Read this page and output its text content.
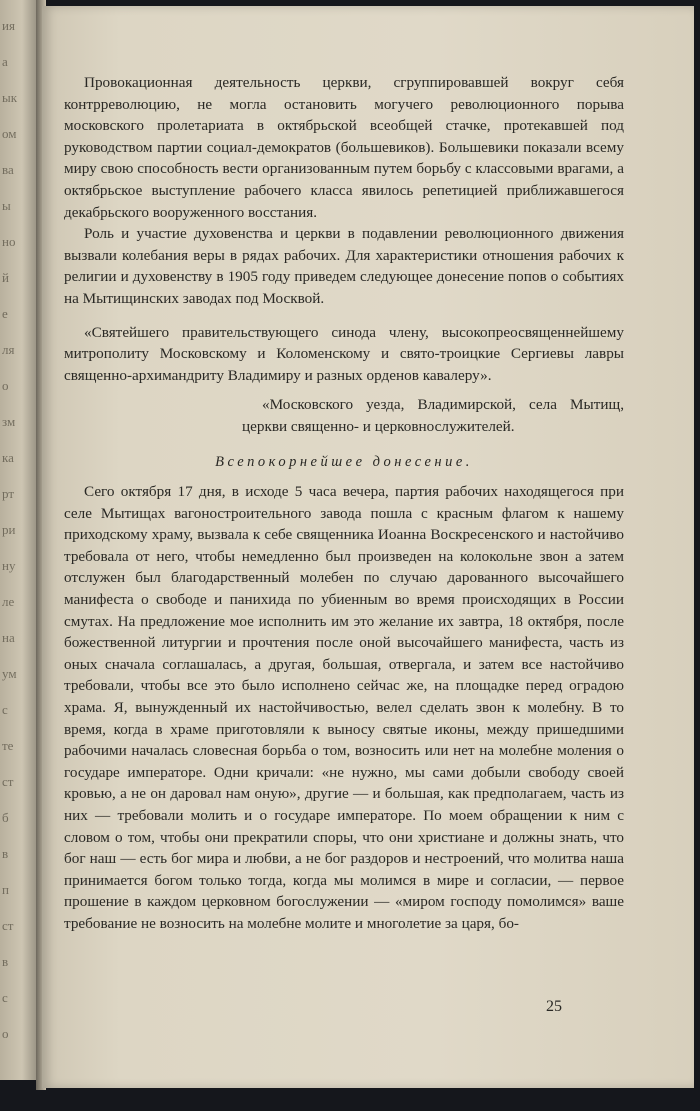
ия
а
ык
ом
ва
ы
но
й
е
ля
о
зм
ка
рт
ри
ну
ле
на
ум
с
те
ст
б
в
п
ст
в
с
о

Провокационная деятельность церкви, сгруппировавшей вокруг себя контрреволюцию, не могла остановить могучего революционного порыва московского пролетариата в октябрьской всеобщей стачке, протекавшей под руководством партии социал-демократов (большевиков). Большевики показали всему миру свою способность вести организованным путем борьбу с классовыми врагами, а октябрьское выступление рабочего класса явилось репетицией приближавшегося декабрьского вооруженного восстания.

Роль и участие духовенства и церкви в подавлении революционного движения вызвали колебания веры в рядах рабочих. Для характеристики отношения рабочих к религии и духовенству в 1905 году приведем следующее донесение попов о событиях на Мытищинских заводах под Москвой.

«Святейшего правительствующего синода члену, высокопреосвященнейшему митрополиту Московскому и Коломенскому и свято-троицкие Сергиевы лавры священно-архимандриту Владимиру и разных орденов кавалеру».

«Московского уезда, Владимирской, села Мытищ, церкви священно- и церковнослужителей.

Всепокорнейшее донесение.

Сего октября 17 дня, в исходе 5 часа вечера, партия рабочих находящегося при селе Мытищах вагоностроительного завода пошла с красным флагом к нашему приходскому храму, вызвала к себе священника Иоанна Воскресенского и настойчиво требовала от него, чтобы немедленно был произведен на колокольне звон а затем отслужен был благодарственный молебен по случаю дарованного высочайшего манифеста о свободе и панихида по убиенным во время происходящих в России смутах. На предложение мое исполнить им это желание их завтра, 18 октября, после божественной литургии и прочтения после оной высочайшего манифеста, часть из оных сначала соглашалась, а другая, большая, отвергала, и затем все настойчиво требовали, чтобы все это было исполнено сейчас же, на площадке перед оградою храма. Я, вынужденный их настойчивостью, велел сделать звон к молебну. В то время, когда в храме приготовляли к выносу святые иконы, между пришедшими рабочими началась словесная борьба о том, возносить или нет на молебне моления о государе императоре. Одни кричали: «не нужно, мы сами добыли свободу своей кровью, а не он даровал нам оную», другие — и большая, как предполагаем, часть из них — требовали молить и о государе императоре. По моем обращении к ним с словом о том, чтобы они прекратили споры, что они христиане и должны знать, что бог наш — есть бог мира и любви, а не бог раздоров и нестроений, что молитва наша принимается богом только тогда, когда мы молимся в мире и согласии, — первое прошение в каждом церковном богослужении — «миром господу помолимся» ваше требование не возносить на молебне молите и многолетие за царя, бо-

25
